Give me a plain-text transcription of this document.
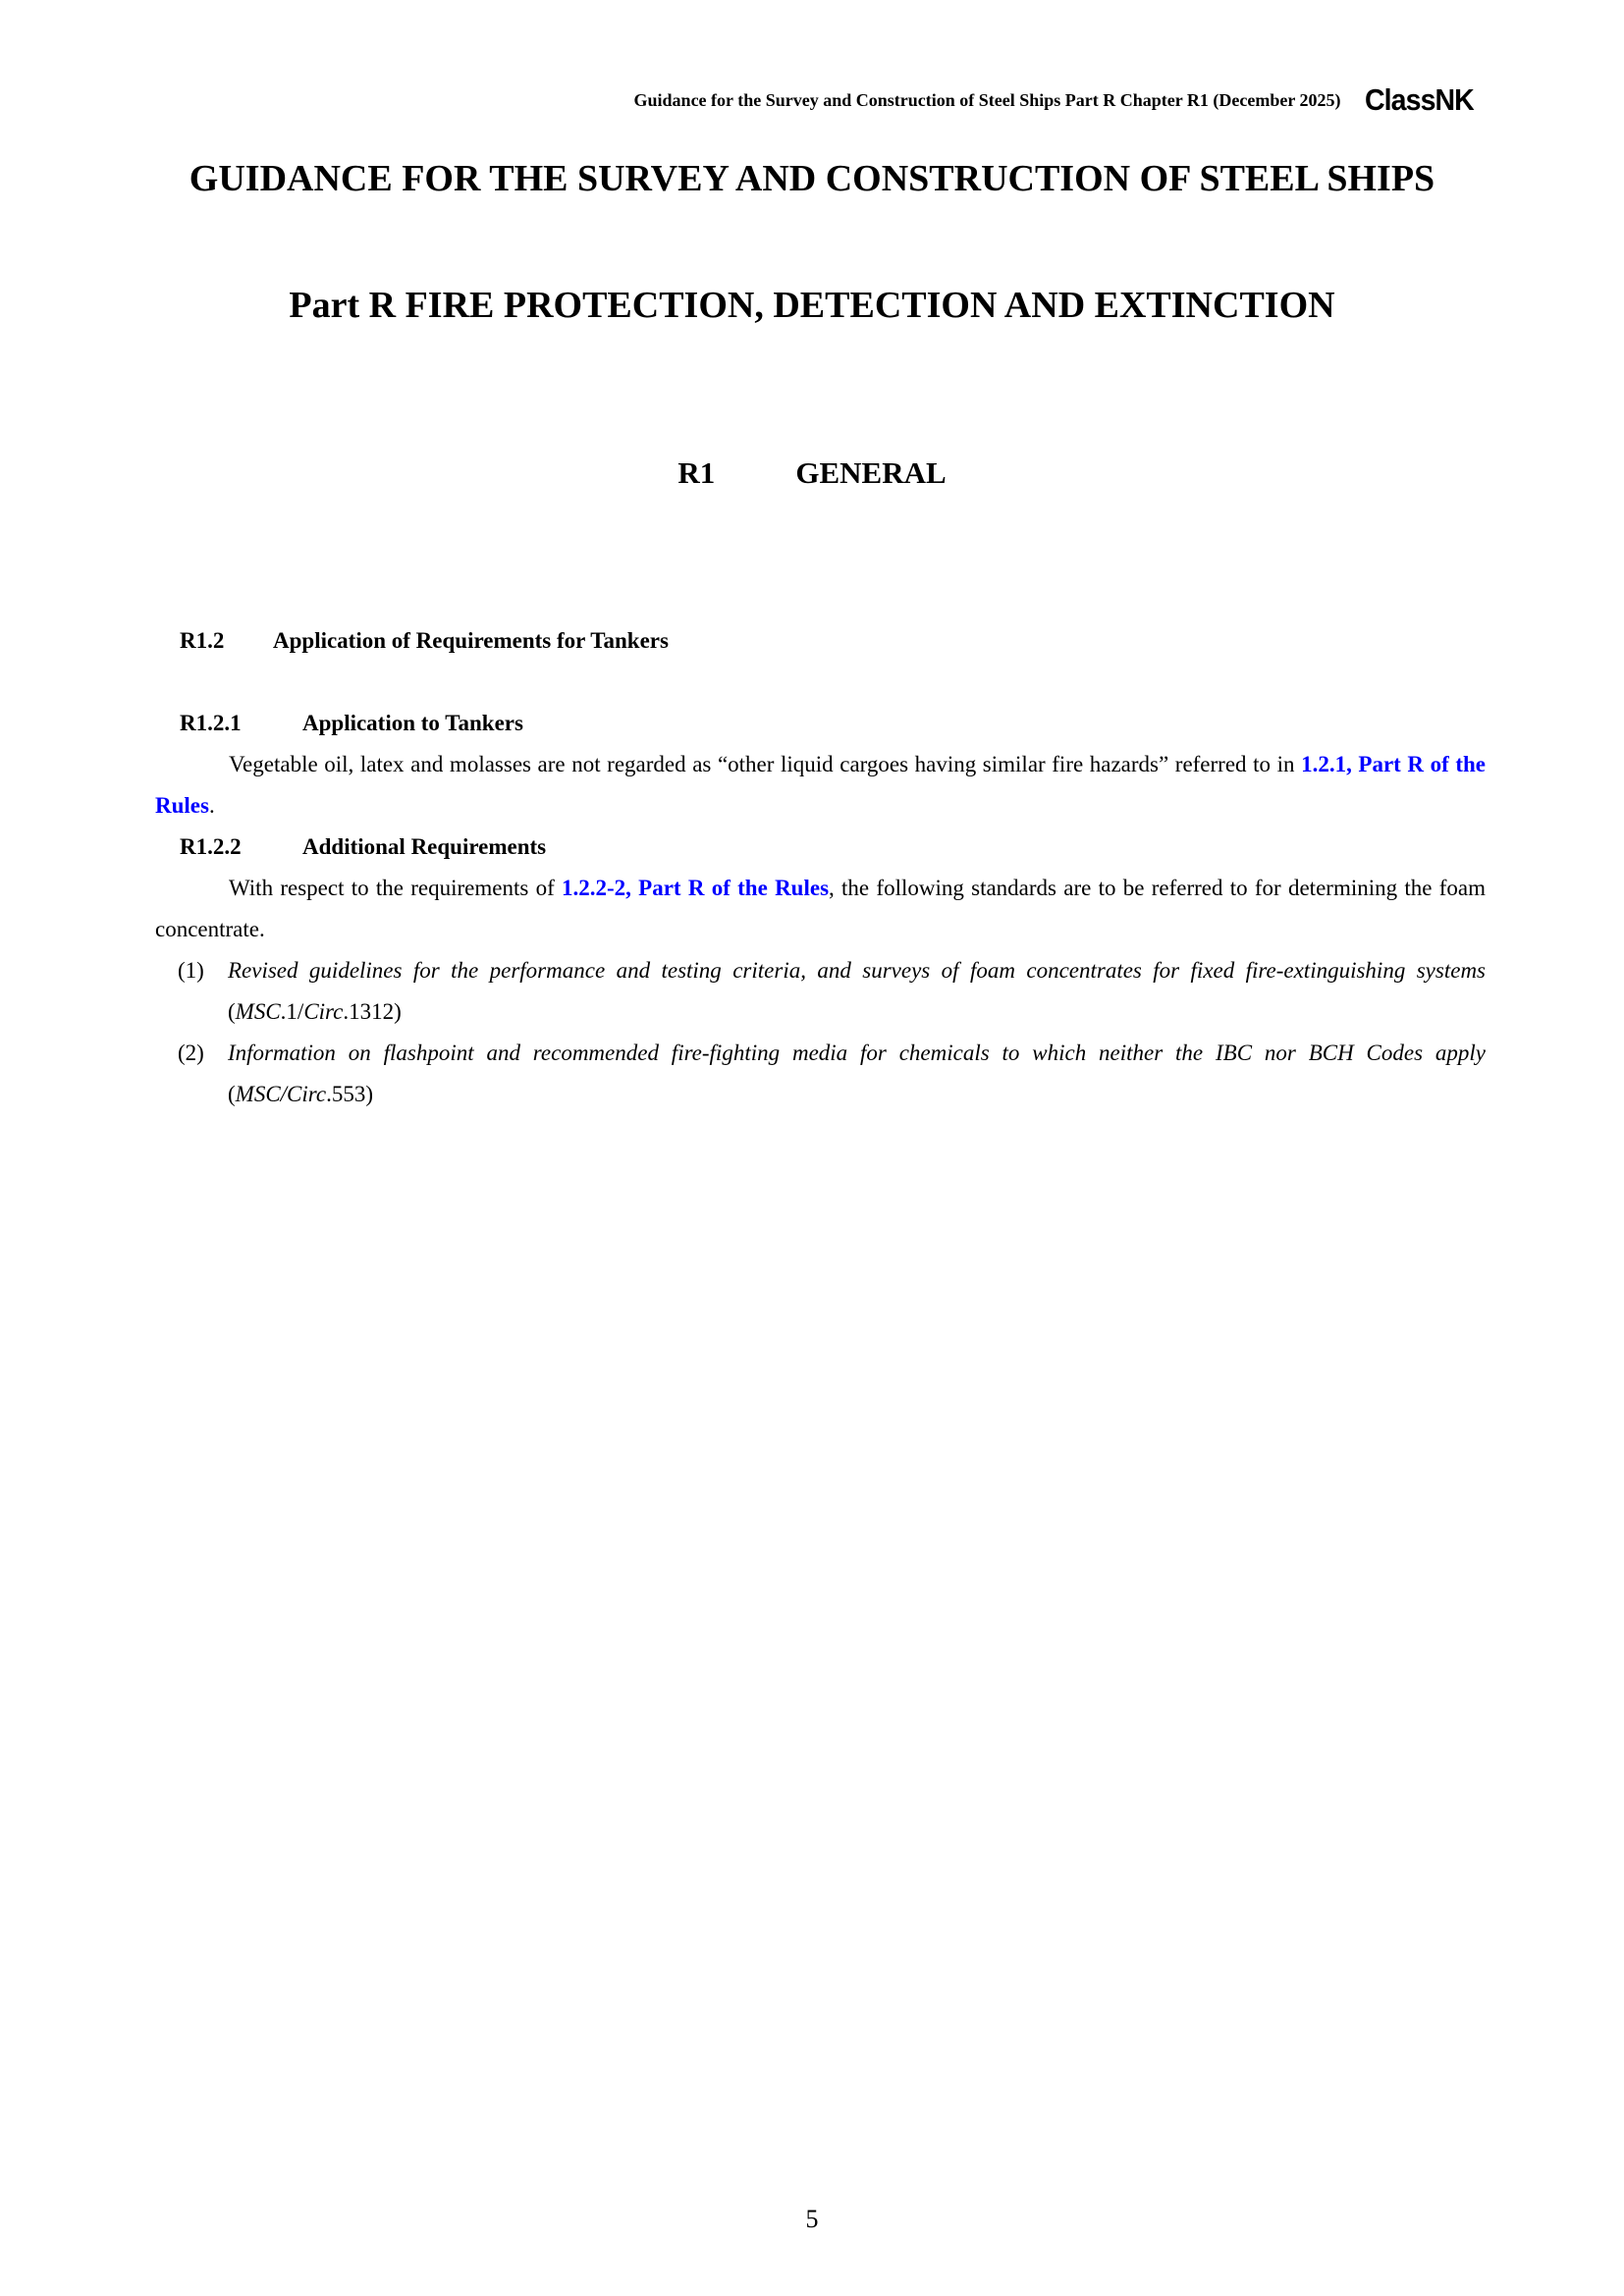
Guidance for the Survey and Construction of Steel Ships Part R Chapter R1 (December 2025) ClassNK
GUIDANCE FOR THE SURVEY AND CONSTRUCTION OF STEEL SHIPS
Part R FIRE PROTECTION, DETECTION AND EXTINCTION
R1	GENERAL
R1.2 Application of Requirements for Tankers
R1.2.1	Application to Tankers
Vegetable oil, latex and molasses are not regarded as “other liquid cargoes having similar fire hazards” referred to in 1.2.1, Part R of the Rules.
R1.2.2	Additional Requirements
With respect to the requirements of 1.2.2-2, Part R of the Rules, the following standards are to be referred to for determining the foam concentrate.
(1) Revised guidelines for the performance and testing criteria, and surveys of foam concentrates for fixed fire-extinguishing systems (MSC.1/Circ.1312)
(2) Information on flashpoint and recommended fire-fighting media for chemicals to which neither the IBC nor BCH Codes apply (MSC/Circ.553)
5
